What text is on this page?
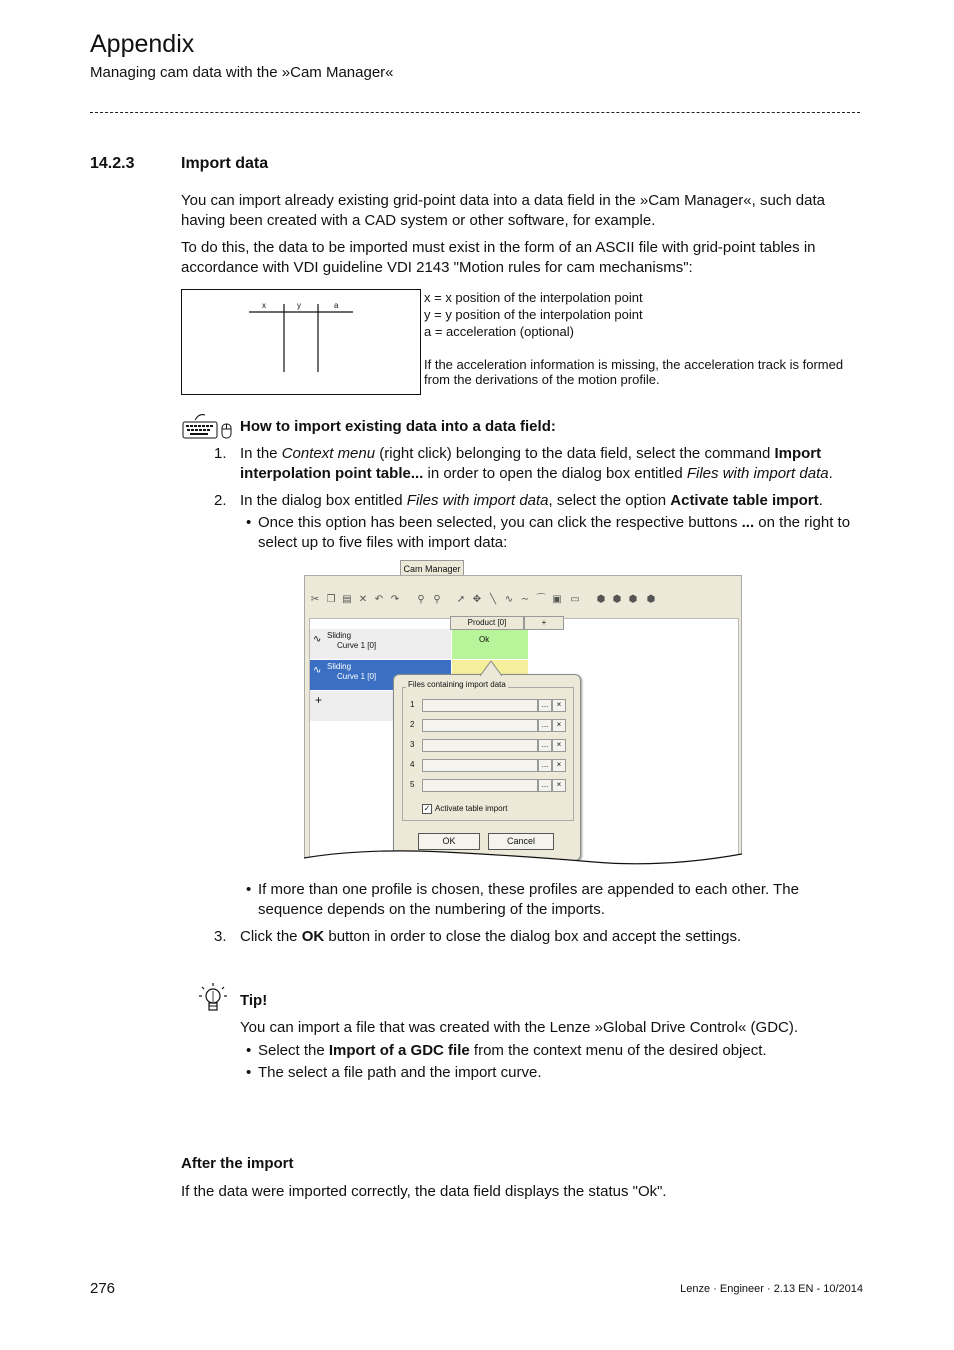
Appendix
Managing cam data with the »Cam Manager«
14.2.3	Import data
You can import already existing grid-point data into a data field in the »Cam Manager«, such data having been created with a CAD system or other software, for example.
To do this, the data to be imported must exist in the form of an ASCII file with grid-point tables in accordance with VDI guideline VDI 2143 "Motion rules for cam mechanisms":
x	y	a
x = x position of the interpolation point
y = y position of the interpolation point
a = acceleration (optional)
If the acceleration information is missing, the acceleration track is formed from the derivations of the motion profile.
How to import existing data into a data field:
1. In the Context menu (right click) belonging to the data field, select the command Import interpolation point table... in order to open the dialog box entitled Files with import data.
2. In the dialog box entitled Files with import data, select the option Activate table import.
• Once this option has been selected, you can click the respective buttons ... on the right to select up to five files with import data:
Cam Manager
✂ ❐ ▤ ✕ ↶ ↷ ⚲ ⚲ ➚ ✥ ╲ ∿ ∼ ⌒ ▣ ▭ ⬢ ⬢ ⬢ ⬢
Product [0]	+
∿ Sliding
Curve 1 [0]
Ok
∿ Sliding
Curve 1 [0]
+
Files containing import data
1	...	×
2	...	×
3	...	×
4	...	×
5	...	×
✓ Activate table import
OK	Cancel
• If more than one profile is chosen, these profiles are appended to each other. The sequence depends on the numbering of the imports.
3. Click the OK button in order to close the dialog box and accept the settings.
Tip!
You can import a file that was created with the Lenze »Global Drive Control« (GDC).
• Select the Import of a GDC file from the context menu of the desired object.
• The select a file path and the import curve.
After the import
If the data were imported correctly, the data field displays the status "Ok".
276	Lenze · Engineer · 2.13 EN - 10/2014
